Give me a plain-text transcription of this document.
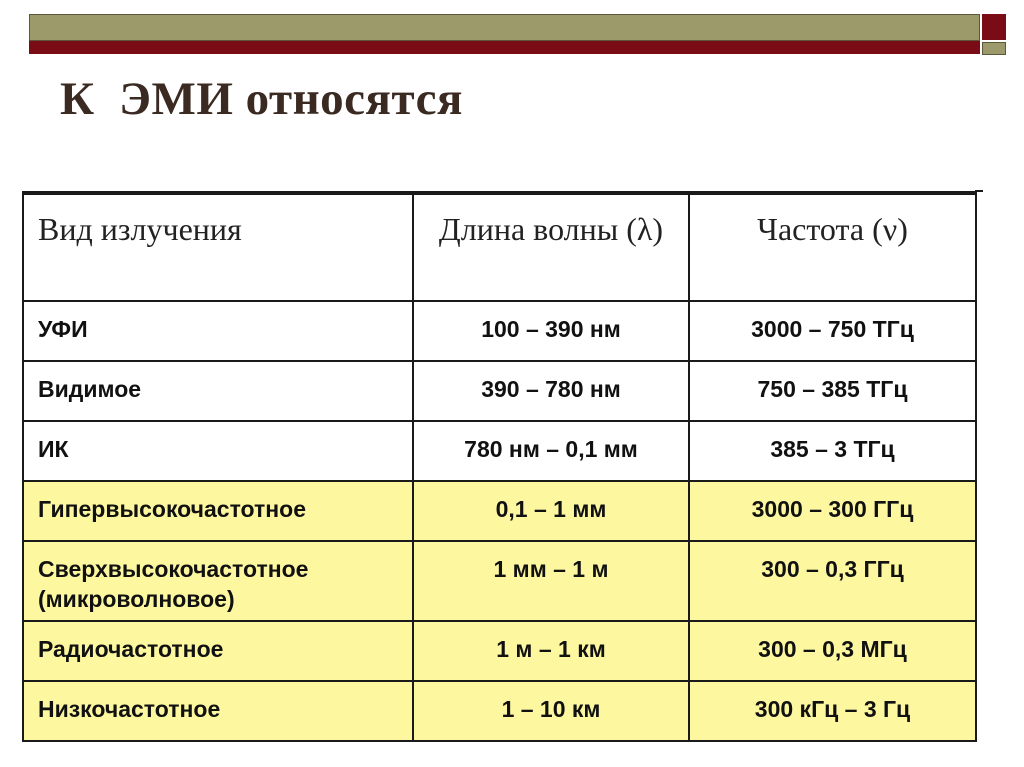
К  ЭМИ относятся
Вид излучения	Длина волны (λ)	Частота (ν)
УФИ	100 – 390 нм	3000 – 750 ТГц
Видимое	390 – 780 нм	750 – 385 ТГц
ИК	780 нм – 0,1 мм	385 – 3 ТГц
Гипервысокочастотное	0,1 – 1 мм	3000 – 300 ГГц
Сверхвысокочастотное (микроволновое)	1 мм – 1 м	300 – 0,3 ГГц
Радиочастотное	1 м – 1 км	300 – 0,3 МГц
Низкочастотное	1 – 10 км	300 кГц – 3 Гц
